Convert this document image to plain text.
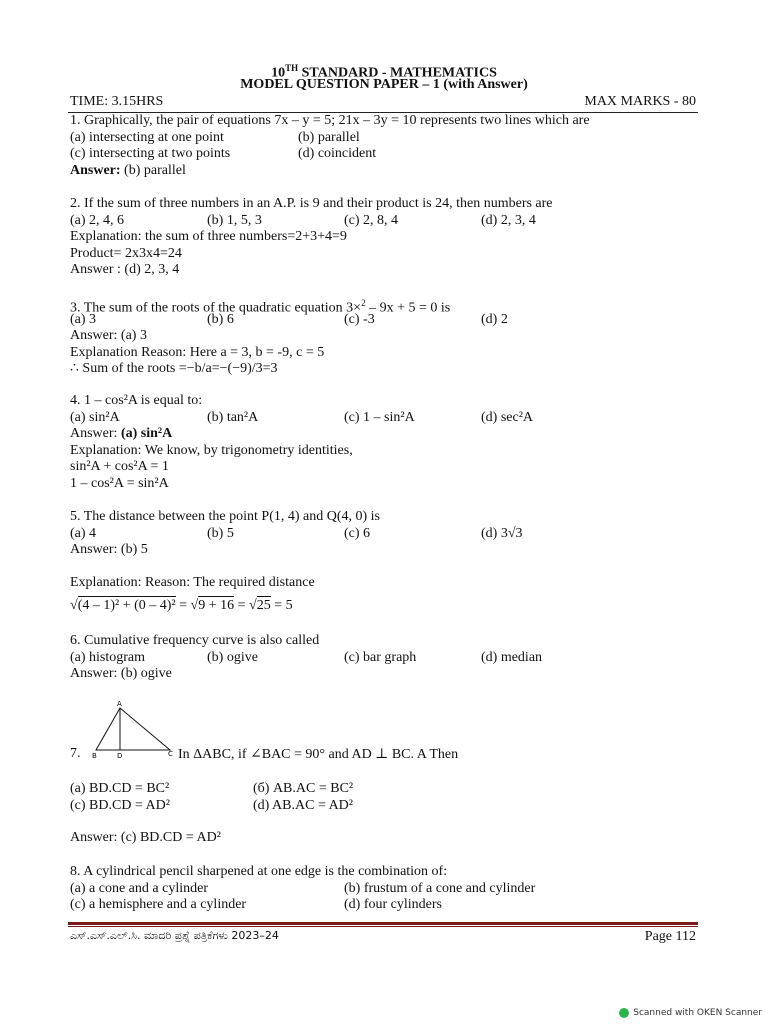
10TH STANDARD - MATHEMATICS
MODEL QUESTION PAPER – 1 (with Answer)
TIME: 3.15HRS	MAX MARKS - 80
1. Graphically, the pair of equations 7x – y = 5; 21x – 3y = 10 represents two lines which are
(a) intersecting at one point	(b) parallel
(c) intersecting at two points	(d) coincident
Answer: (b) parallel
2. If the sum of three numbers in an A.P. is 9 and their product is 24, then numbers are
(a) 2, 4, 6	(b) 1, 5, 3	(c) 2, 8, 4	(d) 2, 3, 4
Explanation: the sum of three numbers=2+3+4=9
Product= 2x3x4=24
Answer : (d) 2, 3, 4
3. The sum of the roots of the quadratic equation 3×$^2$ – 9x + 5 = 0 is
(a) 3	(b) 6	(c) -3	(d) 2
Answer: (a) 3
Explanation Reason: Here a = 3, b = -9, c = 5
∴ Sum of the roots =−b/a=−(−9)/3=3
4. 1 – cos²A is equal to:
(a) sin²A	(b) tan²A	(c) 1 – sin²A	(d) sec²A
Answer: (a) sin²A
Explanation: We know, by trigonometry identities,
sin²A + cos²A = 1
1 – cos²A = sin²A
5. The distance between the point P(1, 4) and Q(4, 0) is
(a) 4	(b) 5	(c) 6	(d) 3√3
Answer: (b) 5
Explanation: Reason: The required distance
√(4 – 1)² + (0 – 4)² = √9 + 16 = √25 = 5
6. Cumulative frequency curve is also called
(a) histogram	(b) ogive	(c) bar graph	(d) median
Answer: (b) ogive
A
B	D	C
7.	In ΔABC, if ∠BAC = 90° and AD ⊥ BC. A Then
(a) BD.CD = BC²	(б) AB.AC = BC²
(c) BD.CD = AD²	(d) AB.AC = AD²
Answer: (c) BD.CD = AD²
8. A cylindrical pencil sharpened at one edge is the combination of:
(a) a cone and a cylinder	(b) frustum of a cone and cylinder
(c) a hemisphere and a cylinder	(d) four cylinders
ಎಸ್.ಎಸ್.ಎಲ್.ಸಿ. ಮಾದರಿ ಪ್ರಶ್ನೆ ಪತ್ರಿಕೆಗಳು 2023–24	Page 112
Scanned with OKEN Scanner
